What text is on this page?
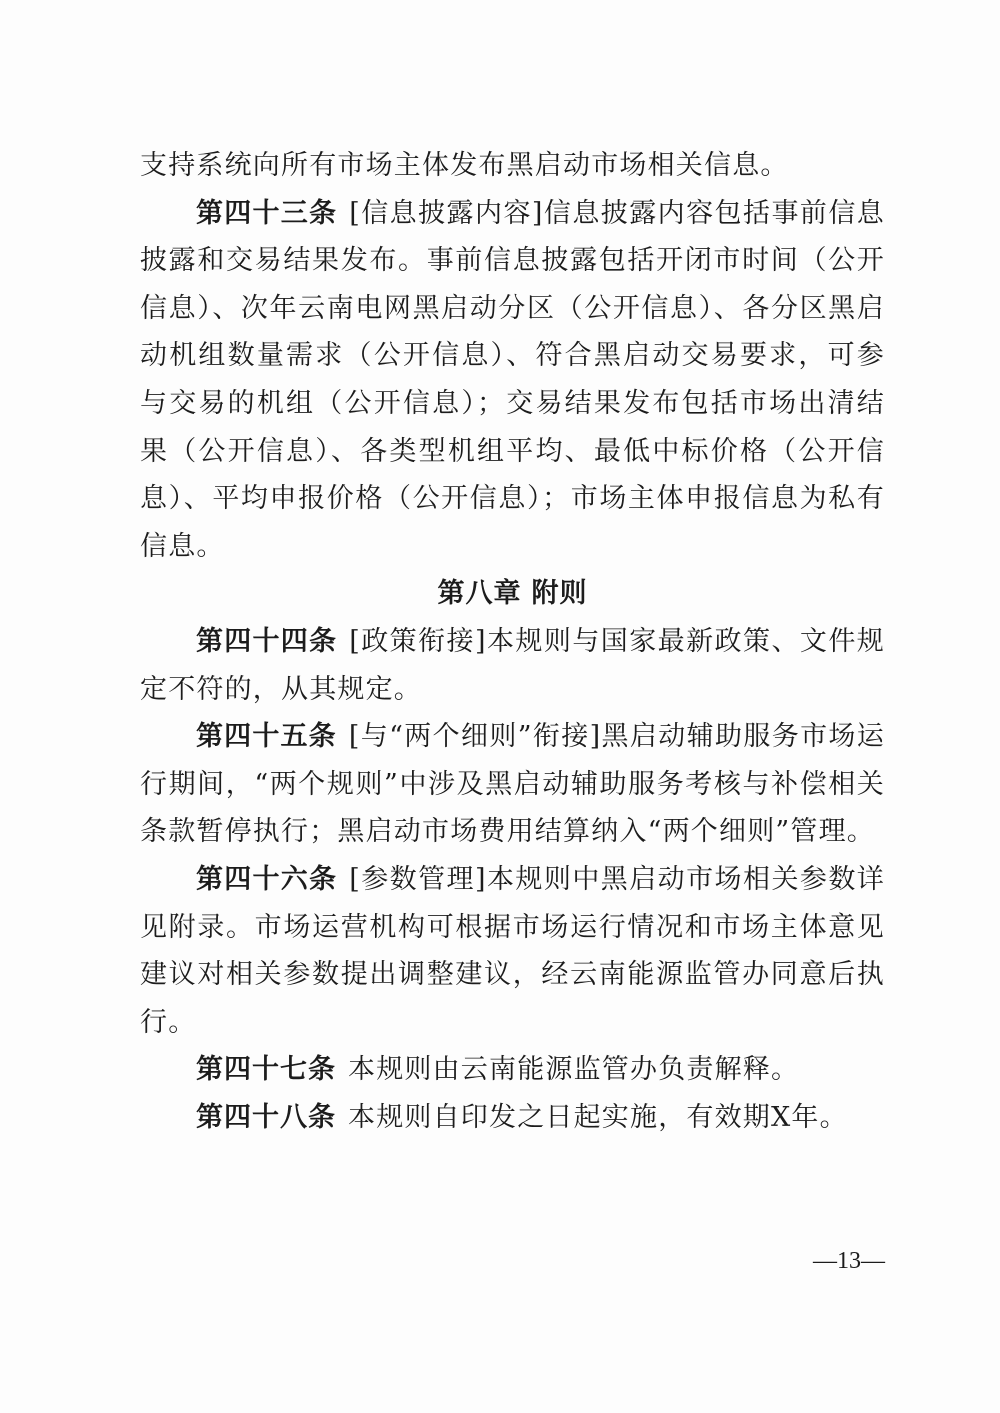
支持系统向所有市场主体发布黑启动市场相关信息。

第四十三条 [信息披露内容]信息披露内容包括事前信息披露和交易结果发布。事前信息披露包括开闭市时间（公开信息）、次年云南电网黑启动分区（公开信息）、各分区黑启动机组数量需求（公开信息）、符合黑启动交易要求，可参与交易的机组（公开信息）；交易结果发布包括市场出清结果（公开信息）、各类型机组平均、最低中标价格（公开信息）、平均申报价格（公开信息）；市场主体申报信息为私有信息。

第八章 附则

第四十四条 [政策衔接]本规则与国家最新政策、文件规定不符的，从其规定。

第四十五条 [与“两个细则”衔接]黑启动辅助服务市场运行期间，“两个规则”中涉及黑启动辅助服务考核与补偿相关条款暂停执行；黑启动市场费用结算纳入“两个细则”管理。

第四十六条 [参数管理]本规则中黑启动市场相关参数详见附录。市场运营机构可根据市场运行情况和市场主体意见建议对相关参数提出调整建议，经云南能源监管办同意后执行。

第四十七条 本规则由云南能源监管办负责解释。

第四十八条 本规则自印发之日起实施，有效期X年。

—13—
